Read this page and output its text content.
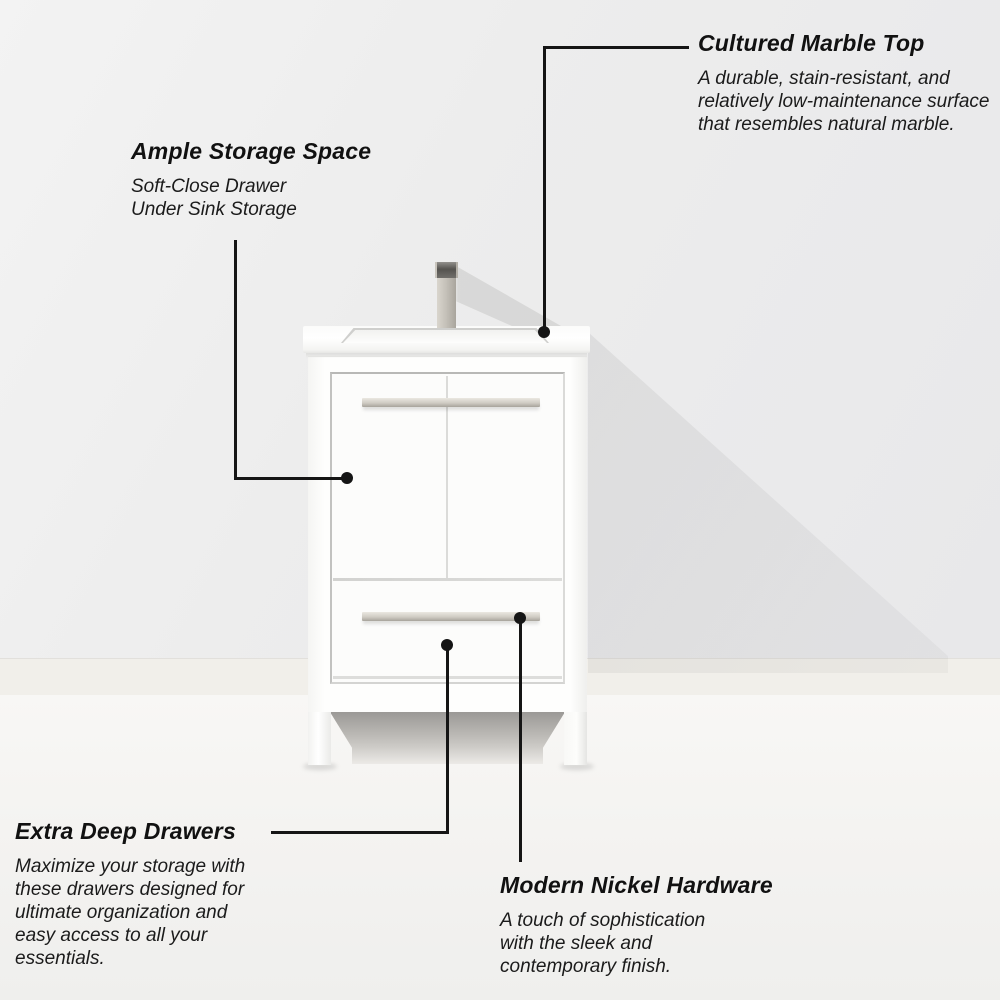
Cultured Marble Top
A durable, stain-resistant, and
relatively low-maintenance surface
that resembles natural marble.
Ample Storage Space
Soft-Close Drawer
Under Sink Storage
Extra Deep Drawers
Maximize your storage with
these drawers designed for
ultimate organization and
easy access to all your
essentials.
Modern Nickel Hardware
A touch of sophistication
with the sleek and
contemporary finish.
